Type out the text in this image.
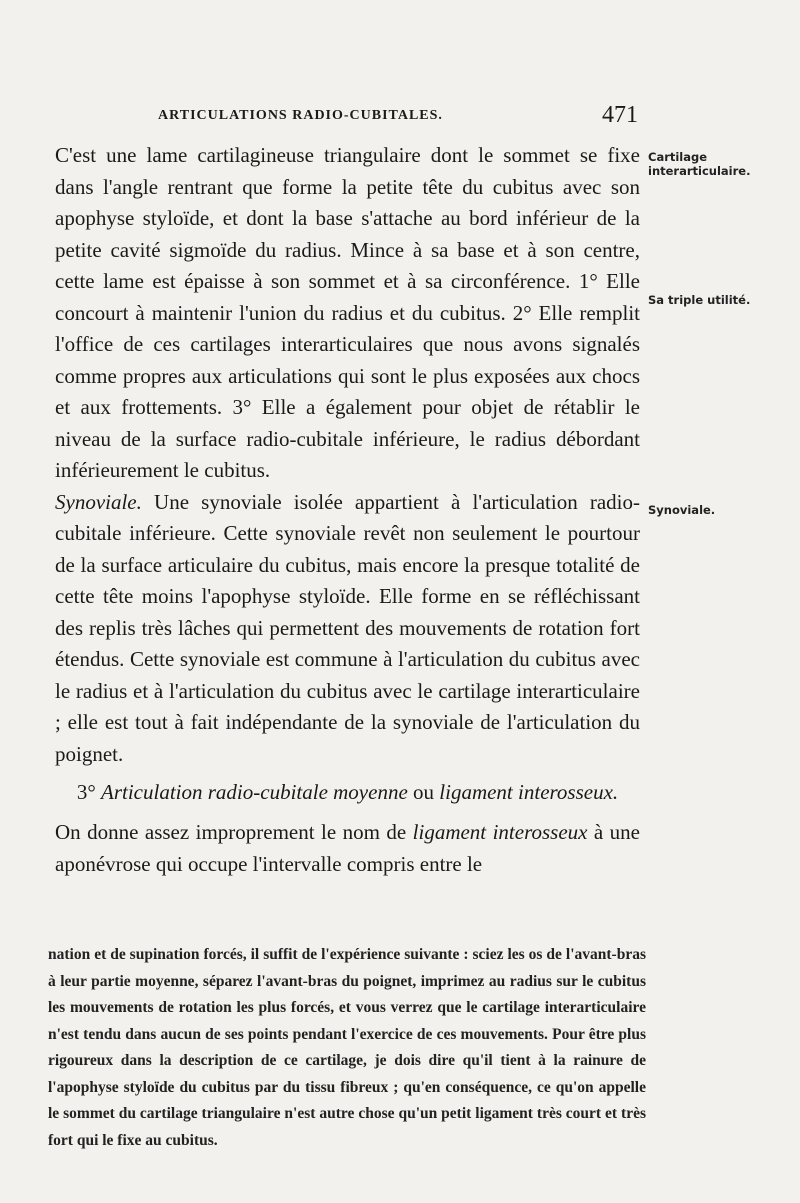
ARTICULATIONS RADIO-CUBITALES.	471

C'est une lame cartilagineuse triangulaire dont le sommet se fixe dans l'angle rentrant que forme la petite tête du cubitus avec son apophyse styloïde, et dont la base s'attache au bord inférieur de la petite cavité sigmoïde du radius. Mince à sa base et à son centre, cette lame est épaisse à son sommet et à sa circonférence. 1° Elle concourt à maintenir l'union du radius et du cubitus. 2° Elle remplit l'office de ces cartilages interarticulaires que nous avons signalés comme propres aux articulations qui sont le plus exposées aux chocs et aux frottements. 3° Elle a également pour objet de rétablir le niveau de la surface radio-cubitale inférieure, le radius débordant inférieurement le cubitus.

Synoviale. Une synoviale isolée appartient à l'articulation radio-cubitale inférieure. Cette synoviale revêt non seulement le pourtour de la surface articulaire du cubitus, mais encore la presque totalité de cette tête moins l'apophyse styloïde. Elle forme en se réfléchissant des replis très lâches qui permettent des mouvements de rotation fort étendus. Cette synoviale est commune à l'articulation du cubitus avec le radius et à l'articulation du cubitus avec le cartilage interarticulaire ; elle est tout à fait indépendante de la synoviale de l'articulation du poignet.

3° Articulation radio-cubitale moyenne ou ligament interosseux.

On donne assez improprement le nom de ligament interosseux à une aponévrose qui occupe l'intervalle compris entre le

Cartilage interarticulaire.
Sa triple utilité.
Synoviale.
nation et de supination forcés, il suffit de l'expérience suivante : sciez les os de l'avant-bras à leur partie moyenne, séparez l'avant-bras du poignet, imprimez au radius sur le cubitus les mouvements de rotation les plus forcés, et vous verrez que le cartilage interarticulaire n'est tendu dans aucun de ses points pendant l'exercice de ces mouvements. Pour être plus rigoureux dans la description de ce cartilage, je dois dire qu'il tient à la rainure de l'apophyse styloïde du cubitus par du tissu fibreux ; qu'en conséquence, ce qu'on appelle le sommet du cartilage triangulaire n'est autre chose qu'un petit ligament très court et très fort qui le fixe au cubitus.
